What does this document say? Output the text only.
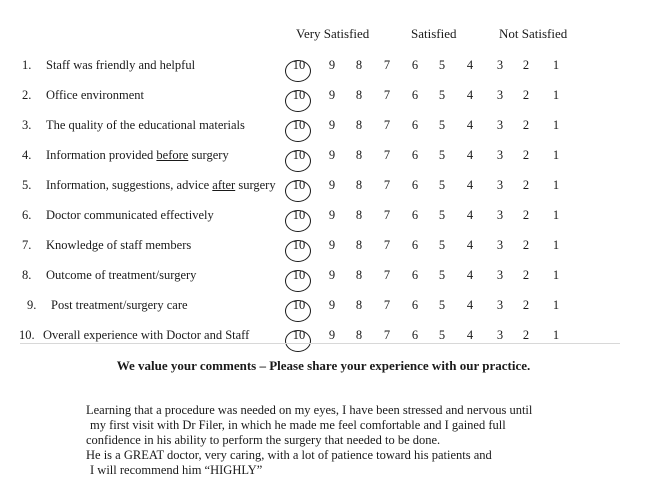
Very Satisfied	Satisfied	Not Satisfied
1. Staff was friendly and helpful	10	9	8	7	6	5	4	3	2	1
2. Office environment	10	9	8	7	6	5	4	3	2	1
3. The quality of the educational materials	10	9	8	7	6	5	4	3	2	1
4. Information provided before surgery	10	9	8	7	6	5	4	3	2	1
5. Information, suggestions, advice after surgery	10	9	8	7	6	5	4	3	2	1
6. Doctor communicated effectively	10	9	8	7	6	5	4	3	2	1
7. Knowledge of staff members	10	9	8	7	6	5	4	3	2	1
8. Outcome of treatment/surgery	10	9	8	7	6	5	4	3	2	1
9. Post treatment/surgery care	10	9	8	7	6	5	4	3	2	1
10. Overall experience with Doctor and Staff	10	9	8	7	6	5	4	3	2	1
We value your comments – Please share your experience with our practice.
Learning that a procedure was needed on my eyes, I have been stressed and nervous until
my first visit with Dr Filer, in which he made me feel comfortable and I gained full
confidence in his ability to perform the surgery that needed to be done.
He is a GREAT doctor, very caring, with a lot of patience toward his patients and
I will recommend him “HIGHLY”
